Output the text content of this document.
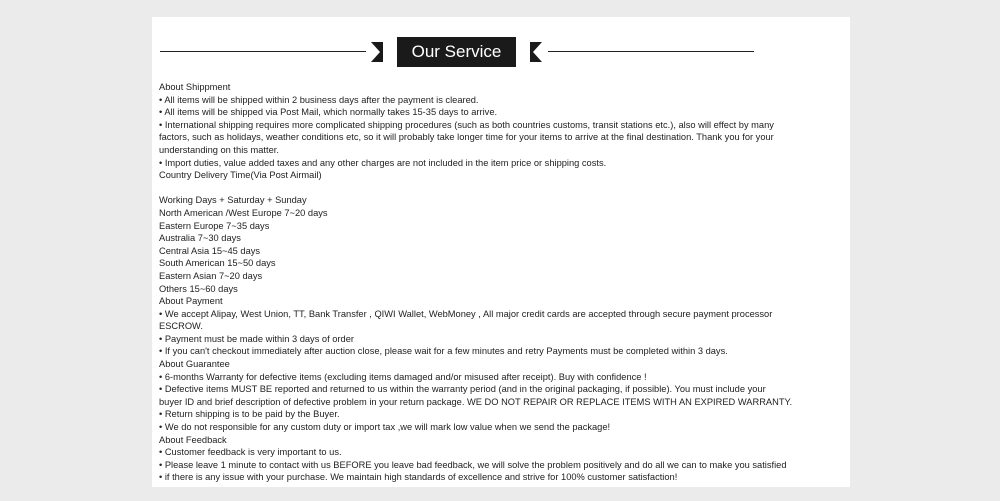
Our Service
About Shippment
• All items will be shipped within 2 business days after the payment is cleared.
• All items will be shipped via Post Mail, which normally takes 15-35 days to arrive.
• International shipping requires more complicated shipping procedures (such as both countries customs, transit stations etc.), also will effect by many
factors, such as holidays, weather conditions etc, so it will probably take longer time for your items to arrive at the final destination. Thank you for your
understanding on this matter.
• Import duties, value added taxes and any other charges are not included in the item price or shipping costs.
Country Delivery Time(Via Post Airmail)
Working Days + Saturday + Sunday
North American /West Europe 7~20 days
Eastern Europe 7~35 days
Australia 7~30 days
Central Asia 15~45 days
South American 15~50 days
Eastern Asian 7~20 days
Others 15~60 days
About Payment
• We accept Alipay, West Union, TT, Bank Transfer , QIWI Wallet, WebMoney , All major credit cards are accepted through secure payment processor
ESCROW.
• Payment must be made within 3 days of order
• If you can't checkout immediately after auction close, please wait for a few minutes and retry Payments must be completed within 3 days.
About Guarantee
• 6-months Warranty for defective items (excluding items damaged and/or misused after receipt). Buy with confidence !
• Defective items MUST BE reported and returned to us within the warranty period (and in the original packaging, if possible). You must include your
buyer ID and brief description of defective problem in your return package. WE DO NOT REPAIR OR REPLACE ITEMS WITH AN EXPIRED WARRANTY.
• Return shipping is to be paid by the Buyer.
• We do not responsible for any custom duty or import tax ,we will mark low value when we send the package!
About Feedback
• Customer feedback is very important to us.
• Please leave 1 minute to contact with us BEFORE you leave bad feedback, we will solve the problem positively and do all we can to make you satisfied
• if there is any issue with your purchase. We maintain high standards of excellence and strive for 100% customer satisfaction!
